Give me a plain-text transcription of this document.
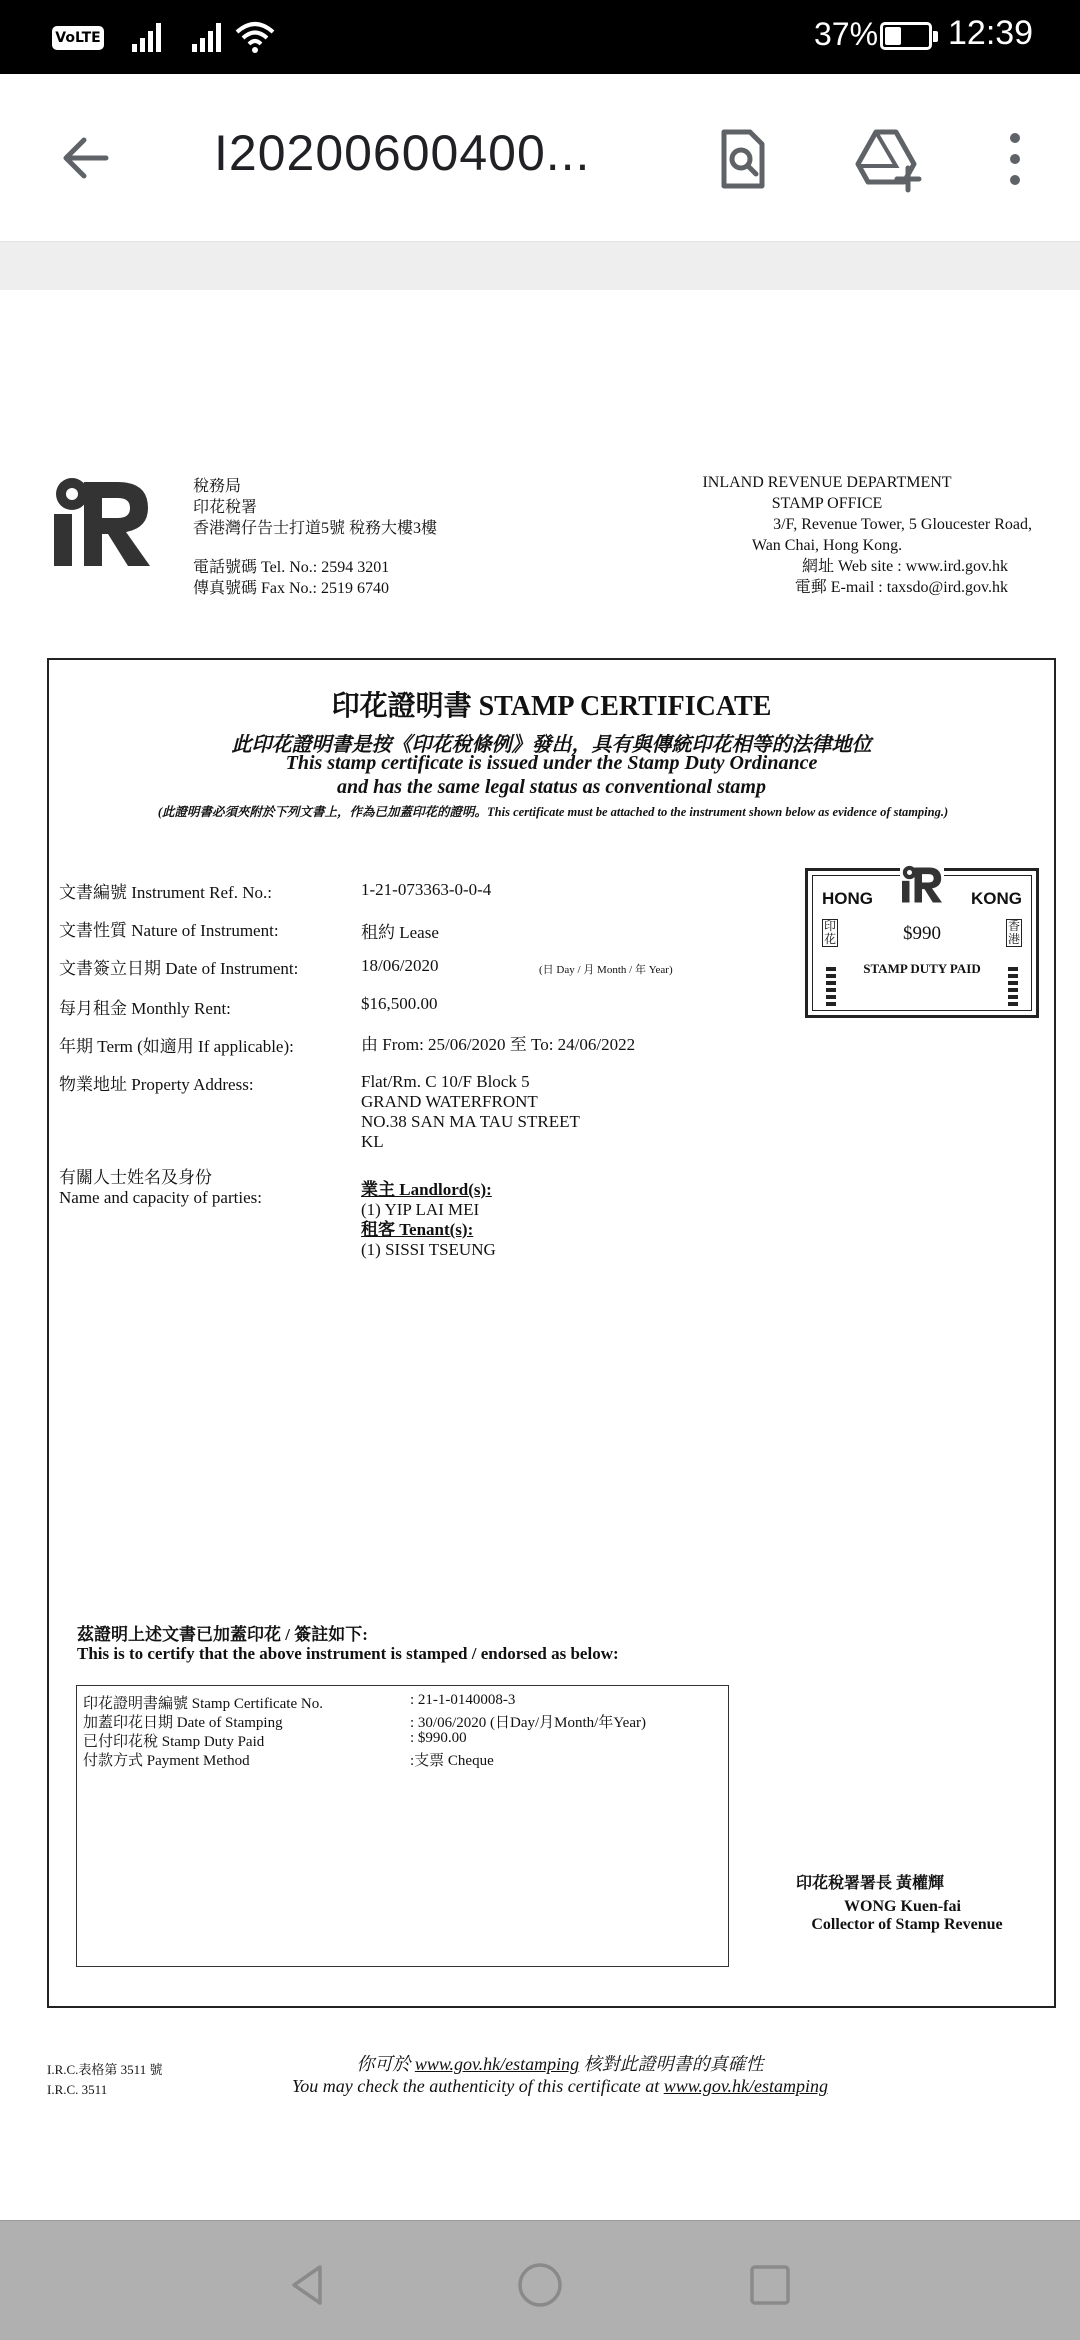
VoLTE	37% 12:39
I20200600400...
稅務局
印花稅署
香港灣仔告士打道5號 稅務大樓3樓
電話號碼 Tel. No.: 2594 3201
傳真號碼 Fax No.: 2519 6740
INLAND REVENUE DEPARTMENT
STAMP OFFICE
3/F, Revenue Tower, 5 Gloucester Road,
Wan Chai, Hong Kong.
網址 Web site : www.ird.gov.hk
電郵 E-mail : taxsdo@ird.gov.hk
印花證明書 STAMP CERTIFICATE
此印花證明書是按《印花稅條例》發出，具有與傳統印花相等的法律地位
This stamp certificate is issued under the Stamp Duty Ordinance
and has the same legal status as conventional stamp
(此證明書必須夾附於下列文書上，作為已加蓋印花的證明。This certificate must be attached to the instrument shown below as evidence of stamping.)
文書編號 Instrument Ref. No.:	1-21-073363-0-0-4
文書性質 Nature of Instrument:	租約 Lease
文書簽立日期 Date of Instrument:	18/06/2020	(日 Day / 月 Month / 年 Year)
每月租金 Monthly Rent:	$16,500.00
年期 Term (如適用 If applicable):	由 From: 25/06/2020 至 To: 24/06/2022
物業地址 Property Address:	Flat/Rm. C 10/F Block 5
GRAND WATERFRONT
NO.38 SAN MA TAU STREET
KL
有關人士姓名及身份
Name and capacity of parties:	業主 Landlord(s):
(1) YIP LAI MEI
租客 Tenant(s):
(1) SISSI TSEUNG
HONG	KONG
印花
香港
$990
STAMP DUTY PAID
茲證明上述文書已加蓋印花 / 簽註如下:
This is to certify that the above instrument is stamped / endorsed as below:
印花證明書編號 Stamp Certificate No.	: 21-1-0140008-3
加蓋印花日期 Date of Stamping	: 30/06/2020 (日Day/月Month/年Year)
已付印花稅 Stamp Duty Paid	: $990.00
付款方式 Payment Method	:支票 Cheque
印花稅署署長 黃權輝
WONG Kuen-fai
Collector of Stamp Revenue
I.R.C.表格第 3511 號
I.R.C. 3511
你可於 www.gov.hk/estamping 核對此證明書的真確性
You may check the authenticity of this certificate at www.gov.hk/estamping
